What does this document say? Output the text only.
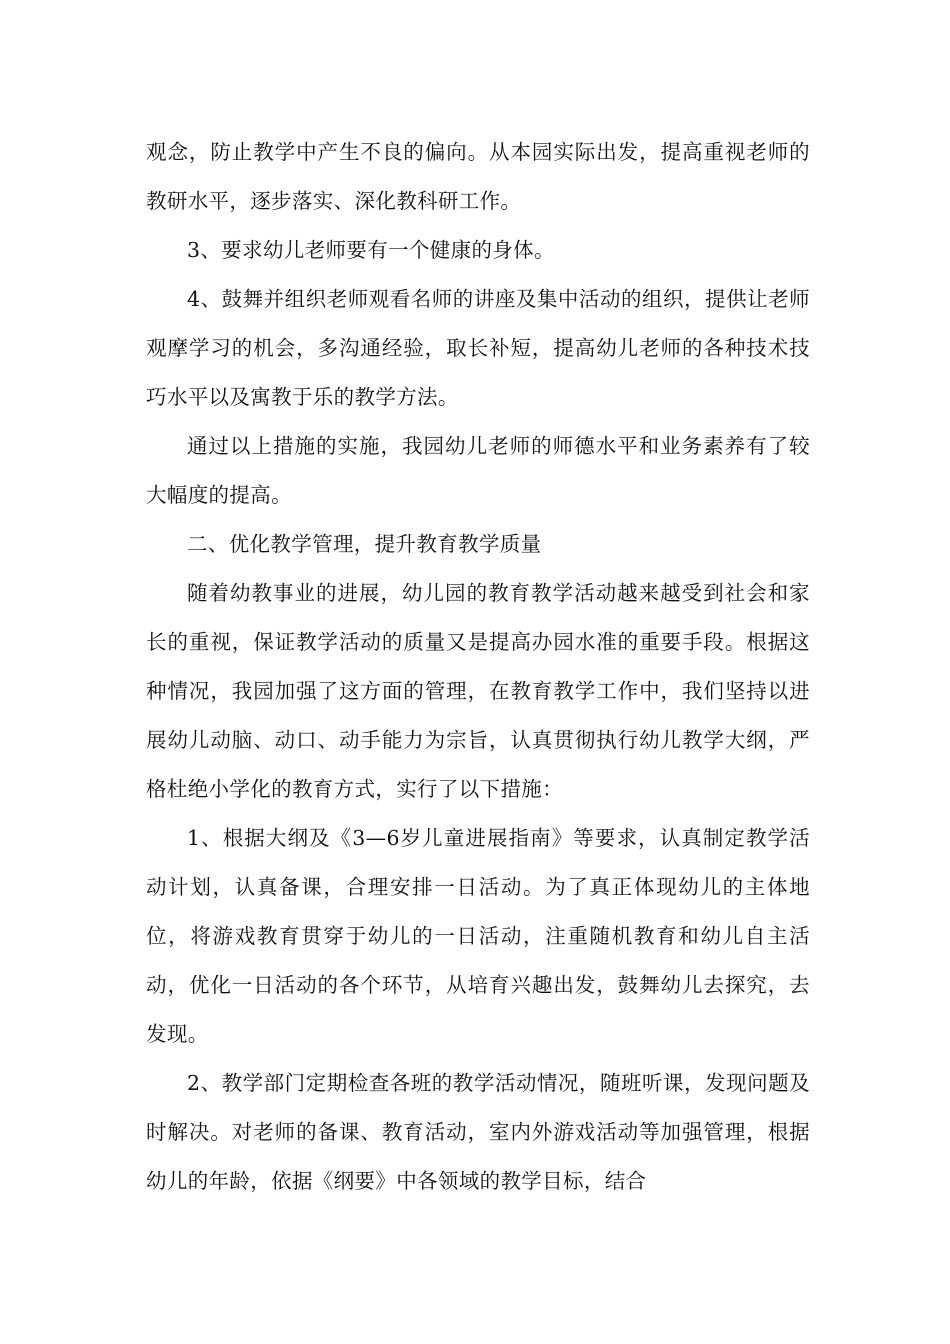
观念，防止教学中产生不良的偏向。从本园实际出发，提高重视老师的教研水平，逐步落实、深化教科研工作。

3、要求幼儿老师要有一个健康的身体。

4、鼓舞并组织老师观看名师的讲座及集中活动的组织，提供让老师观摩学习的机会，多沟通经验，取长补短，提高幼儿老师的各种技术技巧水平以及寓教于乐的教学方法。

通过以上措施的实施，我园幼儿老师的师德水平和业务素养有了较大幅度的提高。

二、优化教学管理，提升教育教学质量

随着幼教事业的进展，幼儿园的教育教学活动越来越受到社会和家长的重视，保证教学活动的质量又是提高办园水准的重要手段。根据这种情况，我园加强了这方面的管理，在教育教学工作中，我们坚持以进展幼儿动脑、动口、动手能力为宗旨，认真贯彻执行幼儿教学大纲，严格杜绝小学化的教育方式，实行了以下措施：

1、根据大纲及《3—6岁儿童进展指南》等要求，认真制定教学活动计划，认真备课，合理安排一日活动。为了真正体现幼儿的主体地位，将游戏教育贯穿于幼儿的一日活动，注重随机教育和幼儿自主活动，优化一日活动的各个环节，从培育兴趣出发，鼓舞幼儿去探究，去发现。

2、教学部门定期检查各班的教学活动情况，随班听课，发现问题及时解决。对老师的备课、教育活动，室内外游戏活动等加强管理，根据幼儿的年龄，依据《纲要》中各领域的教学目标，结合
